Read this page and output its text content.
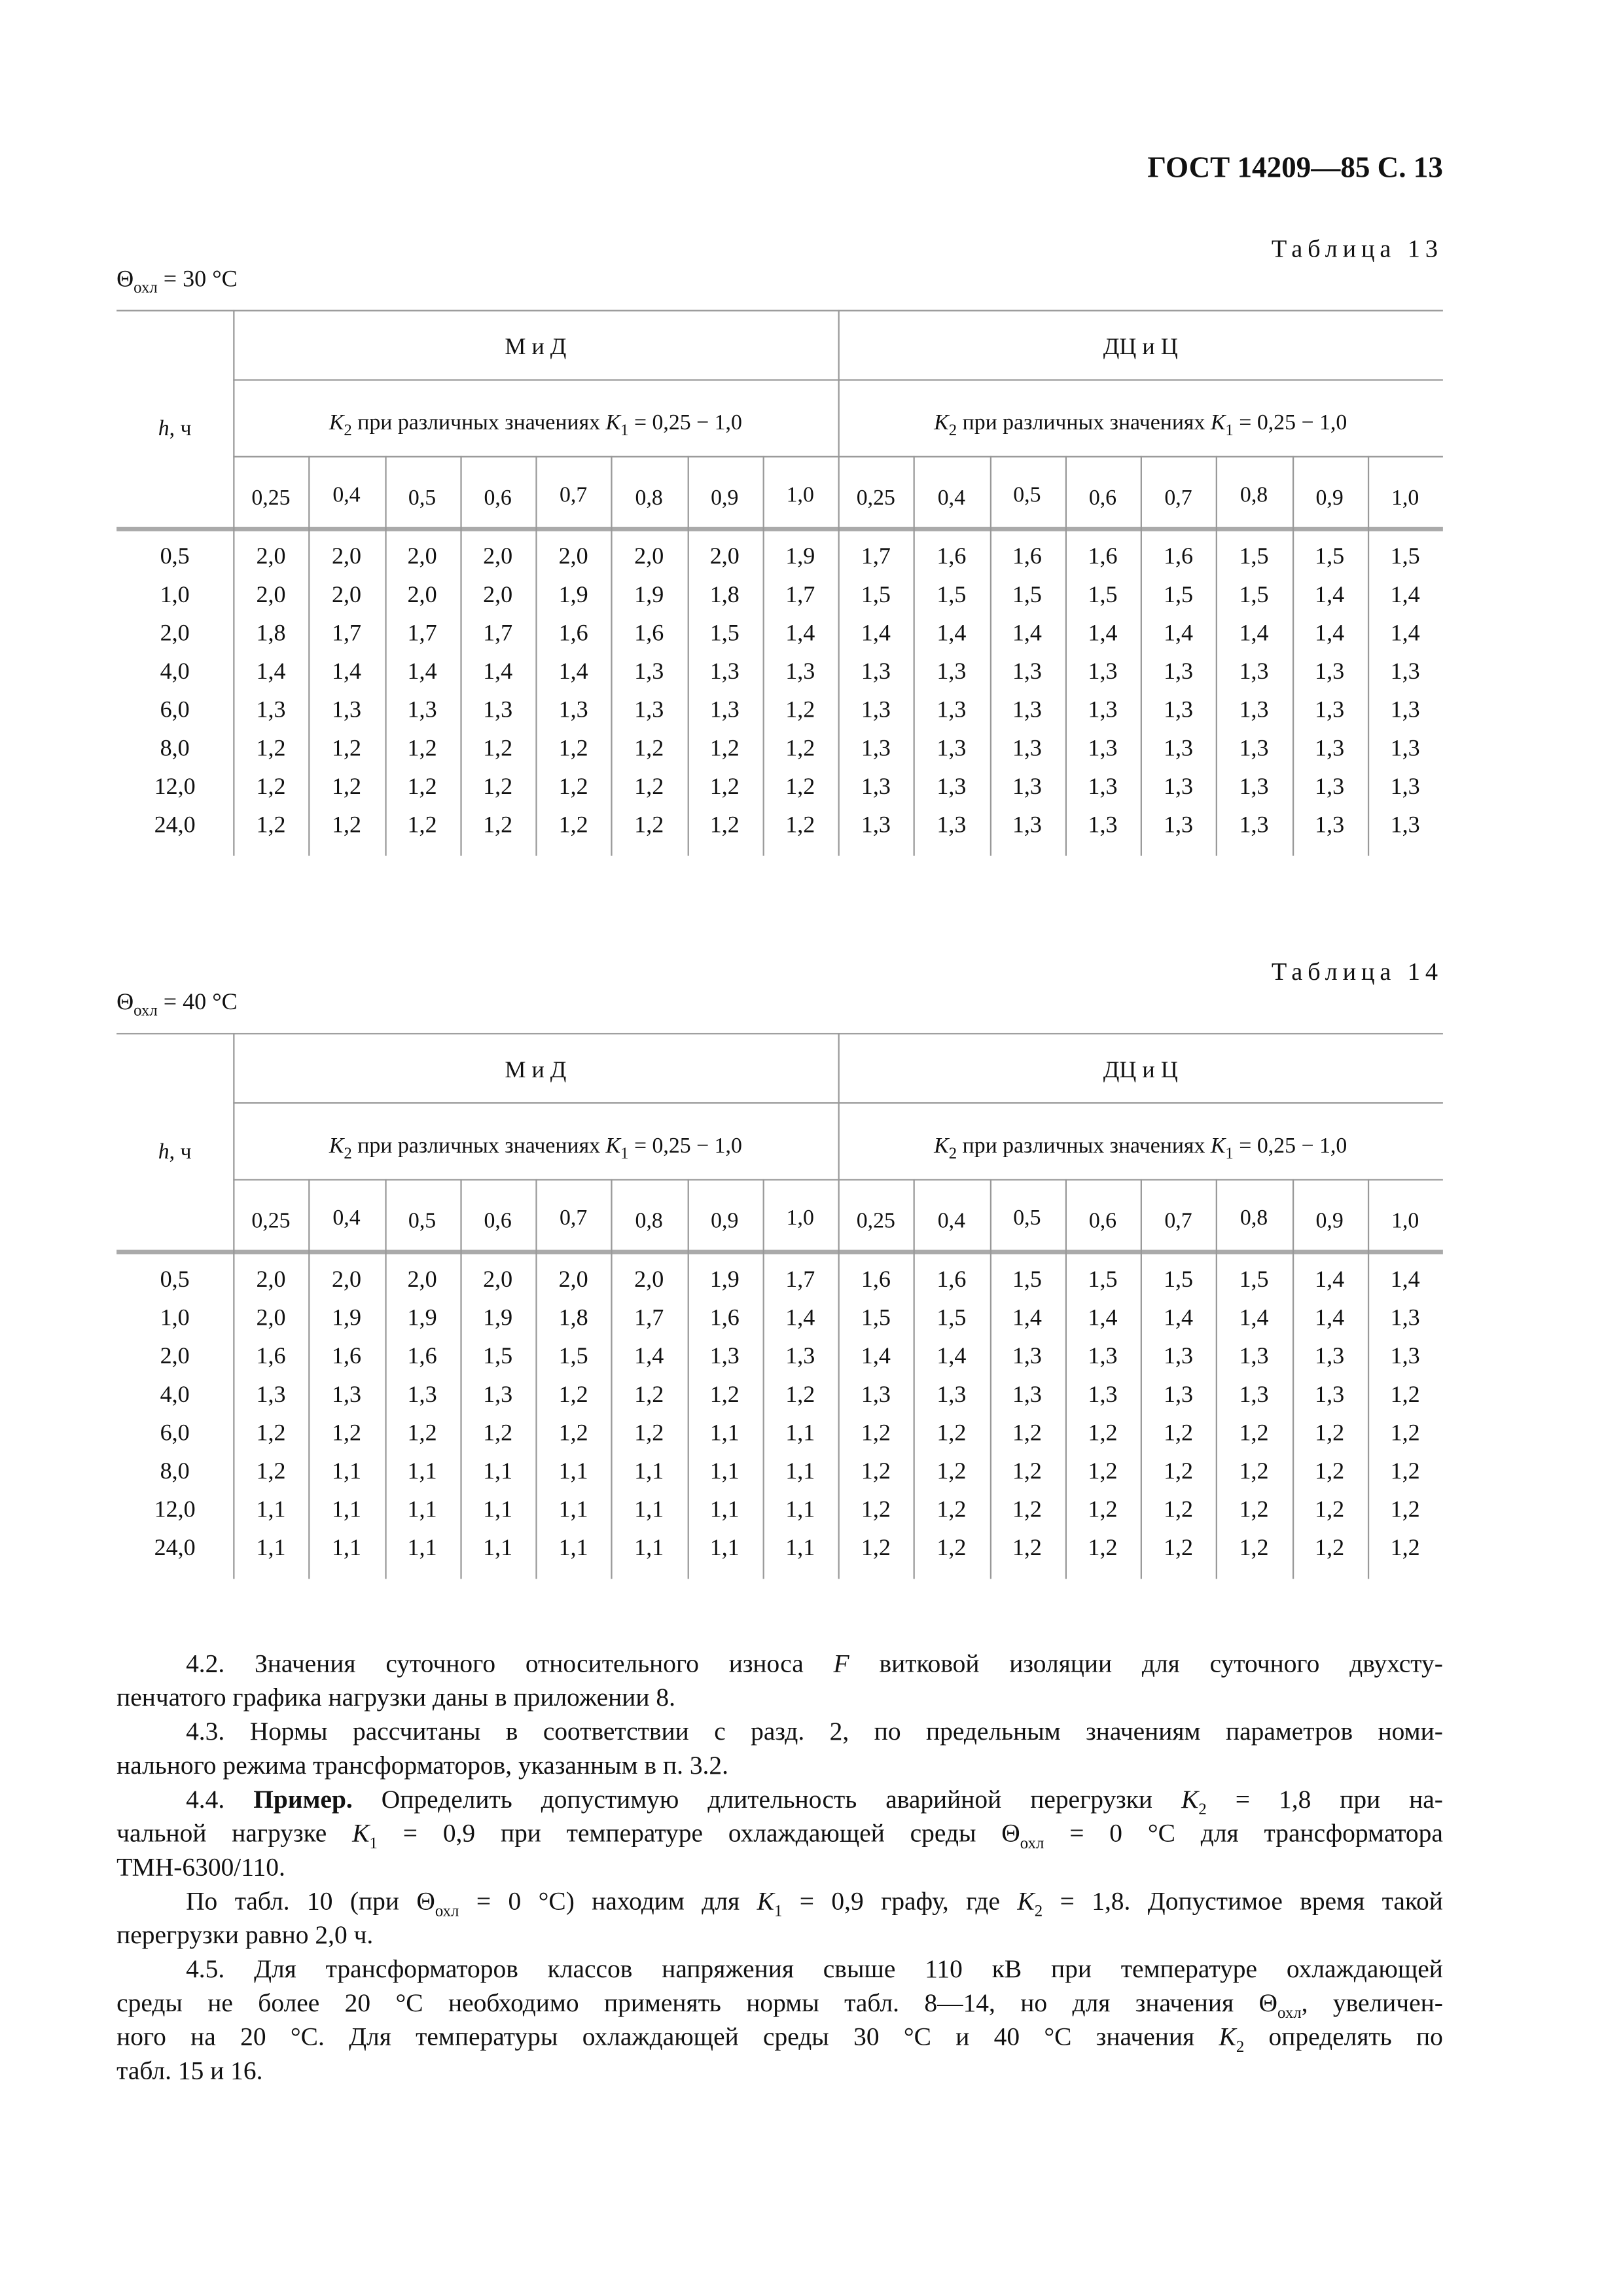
ГОСТ 14209—85 С. 13
Таблица 13
$\Theta_{охл} = 30$ °C
М и Д	ДЦ и Ц
h, ч	$K_2$ при различных значениях $K_1 = 0,25 - 1,0$	$K_2$ при различных значениях $K_1 = 0,25 - 1,0$
0,25	0,4	0,5	0,6	0,7	0,8	0,9	1,0	0,25	0,4	0,5	0,6	0,7	0,8	0,9	1,0
0,5	2,0	2,0	2,0	2,0	2,0	2,0	2,0	1,9	1,7	1,6	1,6	1,6	1,6	1,5	1,5	1,5
1,0	2,0	2,0	2,0	2,0	1,9	1,9	1,8	1,7	1,5	1,5	1,5	1,5	1,5	1,5	1,4	1,4
2,0	1,8	1,7	1,7	1,7	1,6	1,6	1,5	1,4	1,4	1,4	1,4	1,4	1,4	1,4	1,4	1,4
4,0	1,4	1,4	1,4	1,4	1,4	1,3	1,3	1,3	1,3	1,3	1,3	1,3	1,3	1,3	1,3	1,3
6,0	1,3	1,3	1,3	1,3	1,3	1,3	1,3	1,2	1,3	1,3	1,3	1,3	1,3	1,3	1,3	1,3
8,0	1,2	1,2	1,2	1,2	1,2	1,2	1,2	1,2	1,3	1,3	1,3	1,3	1,3	1,3	1,3	1,3
12,0	1,2	1,2	1,2	1,2	1,2	1,2	1,2	1,2	1,3	1,3	1,3	1,3	1,3	1,3	1,3	1,3
24,0	1,2	1,2	1,2	1,2	1,2	1,2	1,2	1,2	1,3	1,3	1,3	1,3	1,3	1,3	1,3	1,3
Таблица 14
$\Theta_{охл} = 40$ °C
М и Д	ДЦ и Ц
h, ч	$K_2$ при различных значениях $K_1 = 0,25 - 1,0$	$K_2$ при различных значениях $K_1 = 0,25 - 1,0$
0,25	0,4	0,5	0,6	0,7	0,8	0,9	1,0	0,25	0,4	0,5	0,6	0,7	0,8	0,9	1,0
0,5	2,0	2,0	2,0	2,0	2,0	2,0	1,9	1,7	1,6	1,6	1,5	1,5	1,5	1,5	1,4	1,4
1,0	2,0	1,9	1,9	1,9	1,8	1,7	1,6	1,4	1,5	1,5	1,4	1,4	1,4	1,4	1,4	1,3
2,0	1,6	1,6	1,6	1,5	1,5	1,4	1,3	1,3	1,4	1,4	1,3	1,3	1,3	1,3	1,3	1,3
4,0	1,3	1,3	1,3	1,3	1,2	1,2	1,2	1,2	1,3	1,3	1,3	1,3	1,3	1,3	1,3	1,2
6,0	1,2	1,2	1,2	1,2	1,2	1,2	1,1	1,1	1,2	1,2	1,2	1,2	1,2	1,2	1,2	1,2
8,0	1,2	1,1	1,1	1,1	1,1	1,1	1,1	1,1	1,2	1,2	1,2	1,2	1,2	1,2	1,2	1,2
12,0	1,1	1,1	1,1	1,1	1,1	1,1	1,1	1,1	1,2	1,2	1,2	1,2	1,2	1,2	1,2	1,2
24,0	1,1	1,1	1,1	1,1	1,1	1,1	1,1	1,1	1,2	1,2	1,2	1,2	1,2	1,2	1,2	1,2
4.2. Значения суточного относительного износа F витковой изоляции для суточного двухсту-
пенчатого графика нагрузки даны в приложении 8.
4.3. Нормы рассчитаны в соответствии с разд. 2, по предельным значениям параметров номи-
нального режима трансформаторов, указанным в п. 3.2.
4.4. Пример. Определить допустимую длительность аварийной перегрузки $K_2 = 1,8$ при на-
чальной нагрузке $K_1 = 0,9$ при температуре охлаждающей среды $\Theta_{охл} = 0$ °C для трансформатора
ТМН-6300/110.
По табл. 10 (при $\Theta_{охл} = 0$ °C) находим для $K_1 = 0,9$ графу, где $K_2 = 1,8$. Допустимое время такой
перегрузки равно 2,0 ч.
4.5. Для трансформаторов классов напряжения свыше 110 кВ при температуре охлаждающей
среды не более 20 °C необходимо применять нормы табл. 8—14, но для значения $\Theta_{охл}$, увеличен-
ного на 20 °C. Для температуры охлаждающей среды 30 °C и 40 °C значения $K_2$ определять по
табл. 15 и 16.
